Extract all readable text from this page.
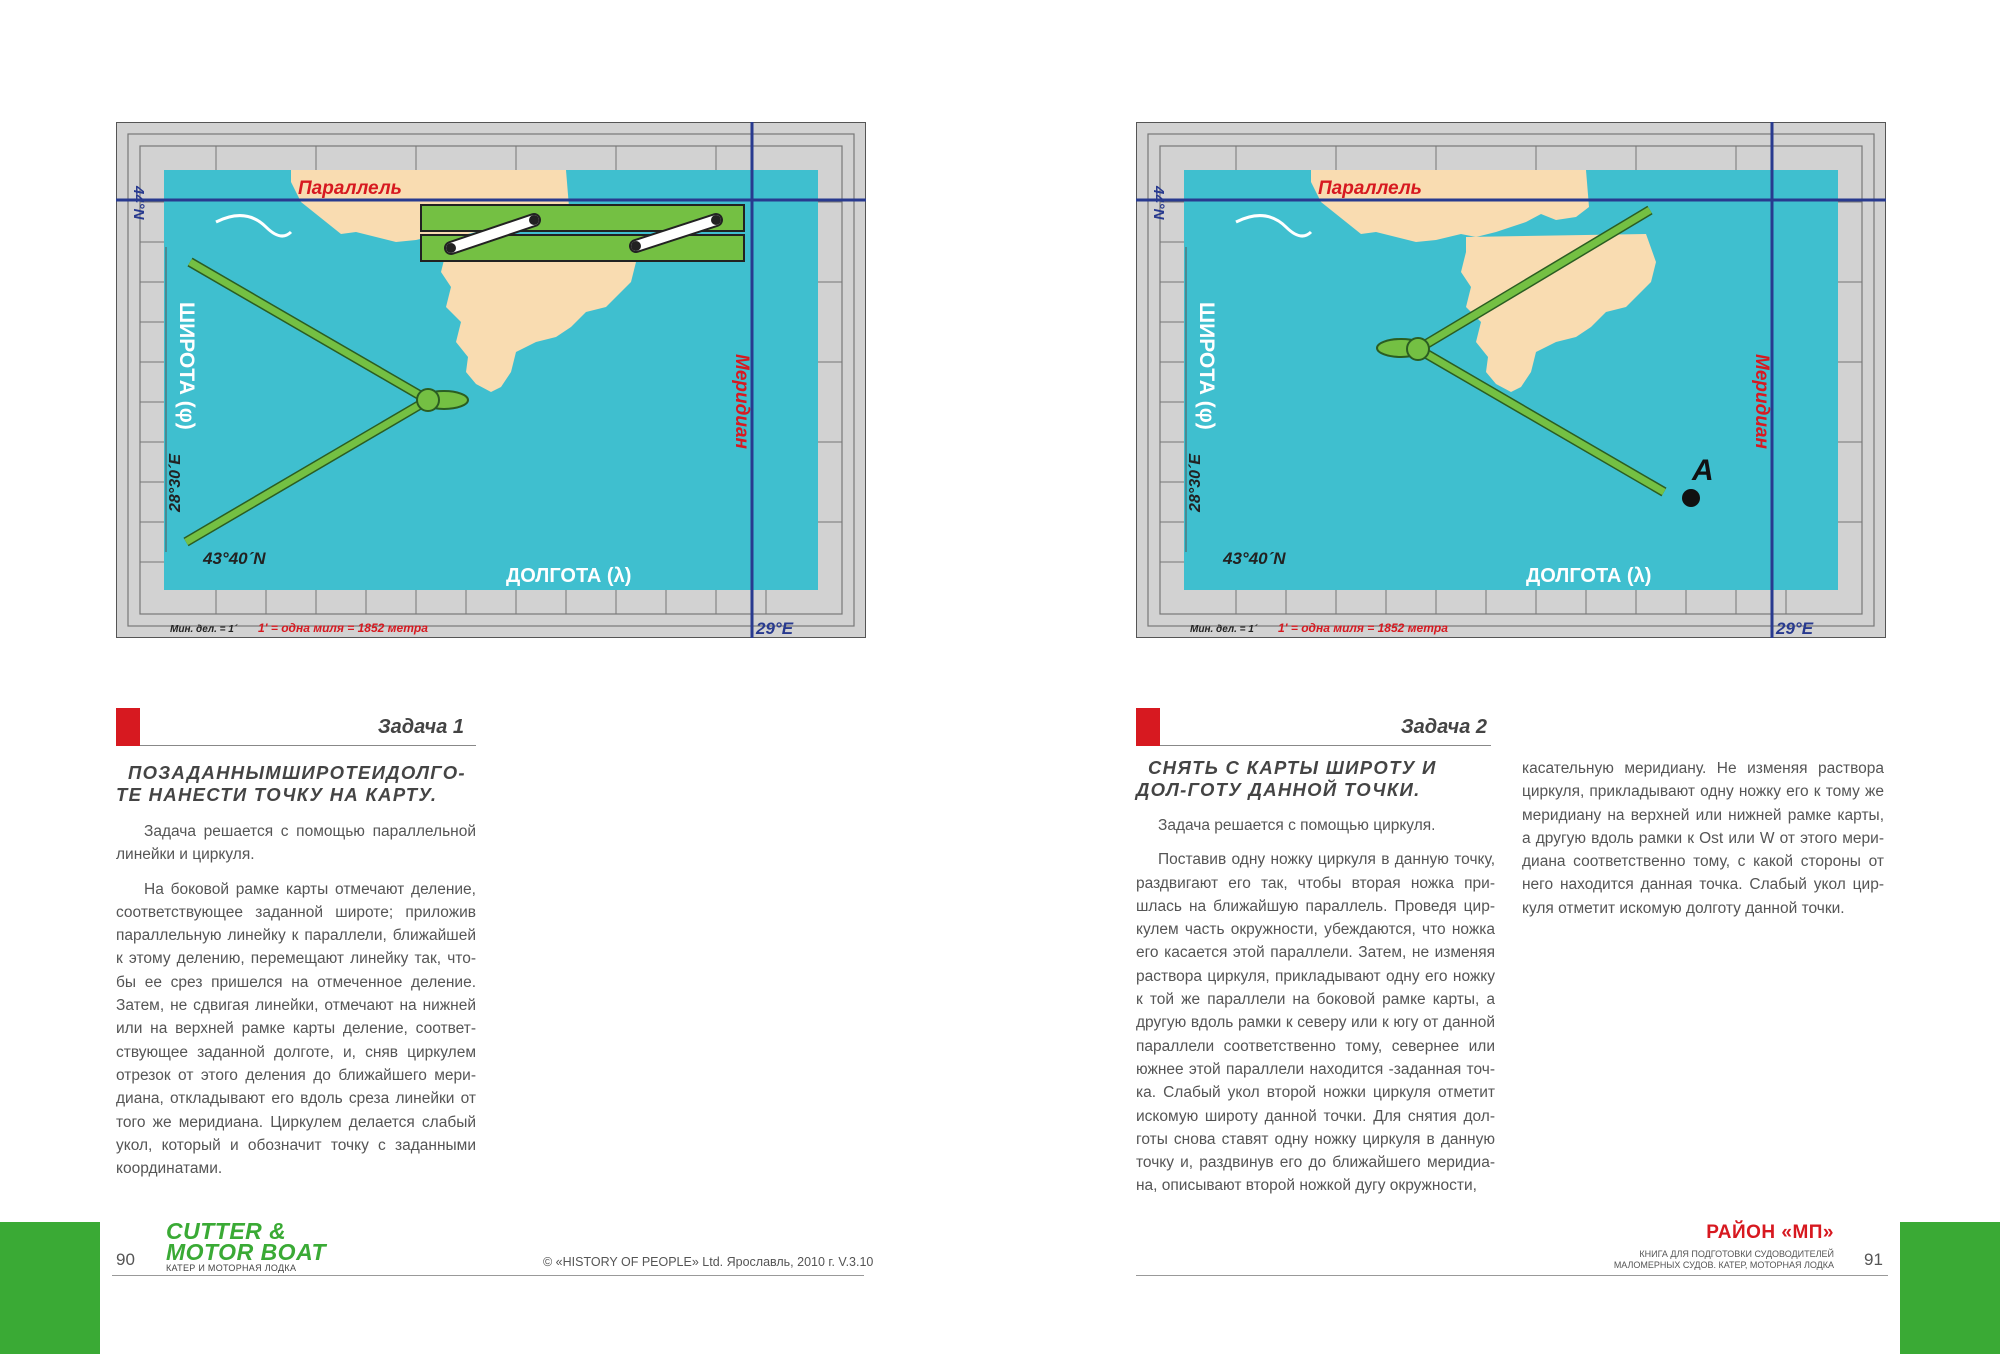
44°N	Параллель
Меридиан
ШИРОТА (φ)
ДОЛГОТА (λ)
43°40´N
28°30´E
29°E
Мин. дел. = 1´ 1' = одна миля = 1852 метра
A
44°N	Параллель
Меридиан
ШИРОТА (φ)
ДОЛГОТА (λ)
43°40´N
28°30´E
29°E
Мин. дел. = 1´ 1' = одна миля = 1852 метра
Задача 1
ПОЗАДАННЫМШИРОТЕИДОЛГО-ТЕ НАНЕСТИ ТОЧКУ НА КАРТУ.

Задача решается с помощью параллельной линейки и циркуля.

На боковой рамке карты отмечают деление, соответствующее заданной широте; приложив параллельную линейку к параллели, ближайшей к этому делению, перемещают линейку так, что-бы ее срез пришелся на отмеченное деление. Затем, не сдвигая линейки, отмечают на нижней или на верхней рамке карты деление, соответ-ствующее заданной долготе, и, сняв циркулем отрезок от этого деления до ближайшего мери-диана, откладывают его вдоль среза линейки от того же меридиана. Циркулем делается слабый укол, который и обозначит точку с заданными координатами.

Задача 2
СНЯТЬ С КАРТЫ ШИРОТУ И ДОЛ-ГОТУ ДАННОЙ ТОЧКИ.

Задача решается с помощью циркуля.

Поставив одну ножку циркуля в данную точку, раздвигают его так, чтобы вторая ножка при-шлась на ближайшую параллель. Проведя цир-кулем часть окружности, убеждаются, что ножка его касается этой параллели. Затем, не изменяя раствора циркуля, прикладывают одну его ножку к той же параллели на боковой рамке карты, а другую вдоль рамки к северу или к югу от данной параллели соответственно тому, севернее или южнее этой параллели находится -заданная точ-ка. Слабый укол второй ножки циркуля отметит искомую широту данной точки. Для снятия дол-готы снова ставят одну ножку циркуля в данную точку и, раздвинув его до ближайшего меридиа-на, описывают второй ножкой дугу окружности,

касательную меридиану. Не изменяя раствора циркуля, прикладывают одну ножку его к тому же меридиану на верхней или нижней рамке карты, а другую вдоль рамки к Ost или W от этого мери-диана соответственно тому, с какой стороны от него находится данная точка. Слабый укол цир-куля отметит искомую долготу данной точки.

90	91
CUTTER &
MOTOR BOAT
КАТЕР И МОТОРНАЯ ЛОДКА	© «HISTORY OF PEOPLE» Ltd. Ярославль, 2010 г. V.3.10
РАЙОН «МП»
КНИГА ДЛЯ ПОДГОТОВКИ СУДОВОДИТЕЛЕЙ
МАЛОМЕРНЫХ СУДОВ. КАТЕР, МОТОРНАЯ ЛОДКА
